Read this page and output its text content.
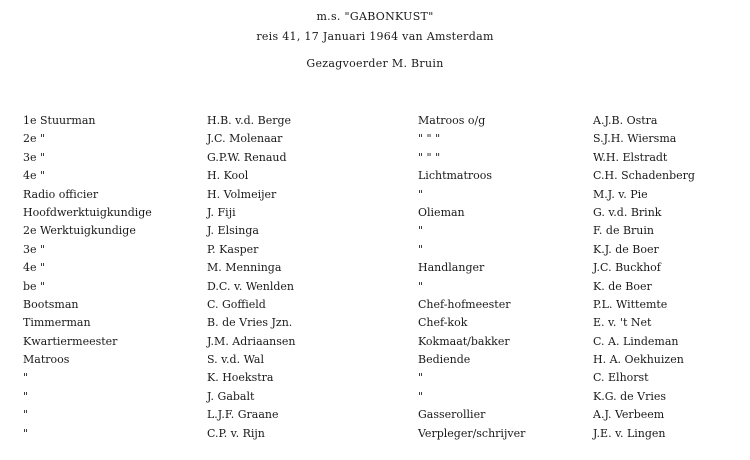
m.s. "GABONKUST"
reis 41, 17 Januari 1964 van Amsterdam
Gezagvoerder M. Bruin
1e Stuurman
2e "
3e "
4e "
Radio officier
Hoofdwerktuigkundige
2e Werktuigkundige
3e "
4e "
be "
Bootsman
Timmerman
Kwartiermeester
Matroos
"
"
"
"
H.B. v.d. Berge
J.C. Molenaar
G.P.W. Renaud
H. Kool
H. Volmeijer
J. Fiji
J. Elsinga
P. Kasper
M. Menninga
D.C. v. Wenlden
C. Goffield
B. de Vries Jzn.
J.M. Adriaansen
S. v.d. Wal
K. Hoekstra
J. Gabalt
L.J.F. Graane
C.P. v. Rijn
Matroos o/g
" " "
" " "
Lichtmatroos
"
Olieman
"
"
Handlanger
"
Chef-hofmeester
Chef-kok
Kokmaat/bakker
Bediende
"
"
Gasserollier
Verpleger/schrijver
A.J.B. Ostra
S.J.H. Wiersma
W.H. Elstradt
C.H. Schadenberg
M.J. v. Pie
G. v.d. Brink
F. de Bruin
K.J. de Boer
J.C. Buckhof
K. de Boer
P.L. Wittemte
E. v. 't Net
C. A. Lindeman
H. A. Oekhuizen
C. Elhorst
K.G. de Vries
A.J. Verbeem
J.E. v. Lingen
